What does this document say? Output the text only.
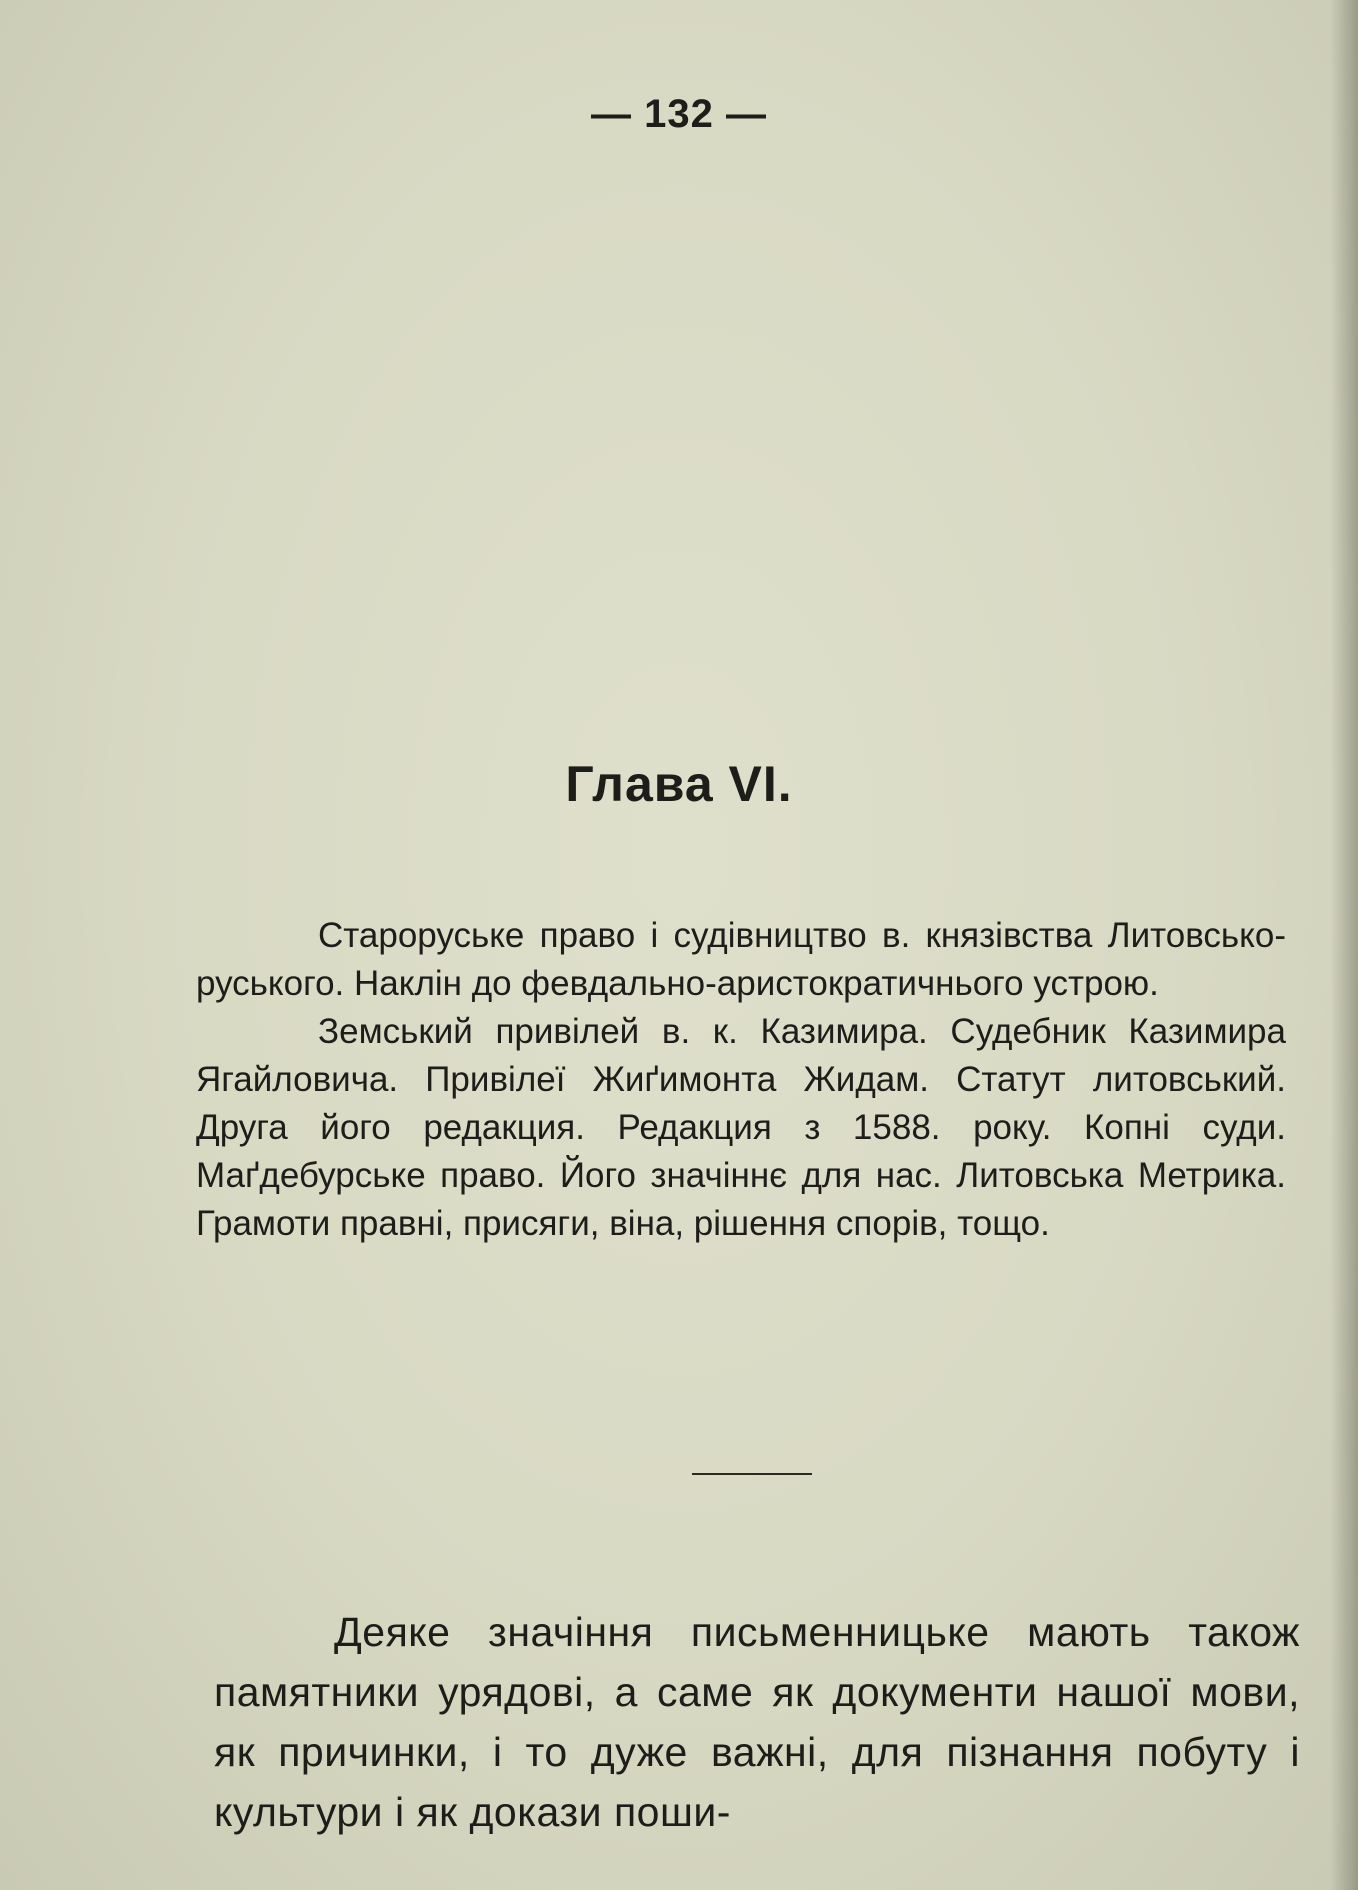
— 132 —
Глава VI.

Староруське право і судівництво в. князівства Литовсько-руського. Наклін до февдально-аристократичнього устрою.

Земський привілей в. к. Казимира. Судебник Казимира Ягайловича. Привілеї Жиґимонта Жидам. Статут литовський. Друга його редакция. Редакция з 1588. року. Копні суди. Маґдебурське право. Його значіннє для нас. Литовська Метрика. Грамоти правні, присяги, віна, рішення спорів, тощо.

Деяке значіння письменницьке мають також памятники урядові, а саме як документи нашої мови, як причинки, і то дуже важні, для пізнання побуту і культури і як докази поши-
